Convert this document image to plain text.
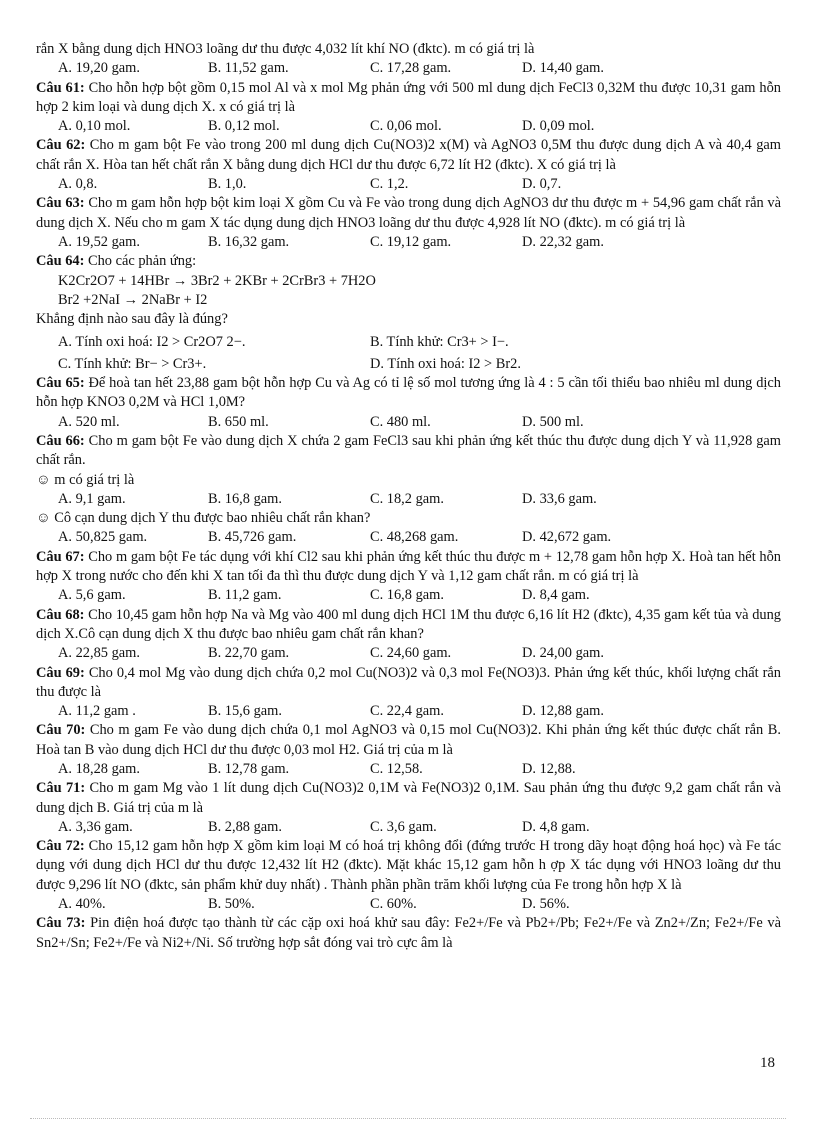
rắn X bằng dung dịch HNO3 loãng dư thu được 4,032 lít khí NO (đktc). m có giá trị là

A. 19,20 gam.	B. 11,52 gam.	C. 17,28 gam.	D. 14,40 gam.

Câu 61: Cho hỗn hợp bột gồm 0,15 mol Al và x mol Mg phản ứng với 500 ml dung dịch FeCl3 0,32M thu được 10,31 gam hỗn hợp 2 kim loại và dung dịch X. x có giá trị là

A. 0,10 mol.	B. 0,12 mol.	C. 0,06 mol.	D. 0,09 mol.

Câu 62: Cho m gam bột Fe vào trong 200 ml dung dịch Cu(NO3)2 x(M) và AgNO3 0,5M thu được dung dịch A và 40,4 gam chất rắn X. Hòa tan hết chất rắn X bằng dung dịch HCl dư thu được 6,72 lít H2 (đktc). X có giá trị là

A. 0,8.	B. 1,0.	C. 1,2.	D. 0,7.

Câu 63: Cho m gam hỗn hợp bột kim loại X gồm Cu và Fe vào trong dung dịch AgNO3 dư thu được m + 54,96 gam chất rắn và dung dịch X. Nếu cho m gam X tác dụng dung dịch HNO3 loãng dư thu được 4,928 lít NO (đktc). m có giá trị là

A. 19,52 gam.	B. 16,32 gam.	C. 19,12 gam.	D. 22,32 gam.

Câu 64: Cho các phản ứng:

K2Cr2O7 + 14HBr → 3Br2 + 2KBr + 2CrBr3 + 7H2O

Br2 +2NaI → 2NaBr + I2

Khẳng định nào sau đây là đúng?

A. Tính oxi hoá: I2 > Cr2O7 2−.	B. Tính khử: Cr3+ > I−.
C. Tính khử: Br− > Cr3+.	D. Tính oxi hoá: I2 > Br2.

Câu 65: Để hoà tan hết 23,88 gam bột hỗn hợp Cu và Ag có tỉ lệ số mol tương ứng là 4 : 5 cần tối thiểu bao nhiêu ml dung dịch hỗn hợp KNO3 0,2M và HCl 1,0M?

A. 520 ml.	B. 650 ml.	C. 480 ml.	D. 500 ml.

Câu 66: Cho m gam bột Fe vào dung dịch X chứa 2 gam FeCl3 sau khi phản ứng kết thúc thu được dung dịch Y và 11,928 gam chất rắn.

☺ m có giá trị là

A. 9,1 gam.	B. 16,8 gam.	C. 18,2 gam.	D. 33,6 gam.

☺ Cô cạn dung dịch Y thu được bao nhiêu chất rắn khan?

A. 50,825 gam.	B. 45,726 gam.	C. 48,268 gam.	D. 42,672 gam.

Câu 67: Cho m gam bột Fe tác dụng với khí Cl2 sau khi phản ứng kết thúc thu được m + 12,78 gam hỗn hợp X. Hoà tan hết hỗn hợp X trong nước cho đến khi X tan tối đa thì thu được dung dịch Y và 1,12 gam chất rắn. m có giá trị là

A. 5,6 gam.	B. 11,2 gam.	C. 16,8 gam.	D. 8,4 gam.

Câu 68: Cho 10,45 gam hỗn hợp Na và Mg vào 400 ml dung dịch HCl 1M thu được 6,16 lít H2 (đktc), 4,35 gam kết tủa và dung dịch X.Cô cạn dung dịch X thu được bao nhiêu gam chất rắn khan?

A. 22,85 gam.	B. 22,70 gam.	C. 24,60 gam.	D. 24,00 gam.

Câu 69: Cho 0,4 mol Mg vào dung dịch chứa 0,2 mol Cu(NO3)2 và 0,3 mol Fe(NO3)3. Phản ứng kết thúc, khối lượng chất rắn thu được là

A. 11,2 gam .	B. 15,6 gam.	C. 22,4 gam.	D. 12,88 gam.

Câu 70: Cho m gam Fe vào dung dịch chứa 0,1 mol AgNO3 và 0,15 mol Cu(NO3)2. Khi phản ứng kết thúc được chất rắn B. Hoà tan B vào dung dịch HCl dư thu được 0,03 mol H2. Giá trị của m là

A. 18,28 gam.	B. 12,78 gam.	C. 12,58.	D. 12,88.

Câu 71: Cho m gam Mg vào 1 lít dung dịch Cu(NO3)2 0,1M và Fe(NO3)2 0,1M. Sau phản ứng thu được 9,2 gam chất rắn và dung dịch B. Giá trị của m là

A. 3,36 gam.	B. 2,88 gam.	C. 3,6 gam.	D. 4,8 gam.

Câu 72: Cho 15,12 gam hỗn hợp X gồm kim loại M có hoá trị không đổi (đứng trước H trong dãy hoạt động hoá học) và Fe tác dụng với dung dịch HCl dư thu được 12,432 lít H2 (đktc). Mặt khác 15,12 gam hỗn h ợp X tác dụng với HNO3 loãng dư thu được 9,296 lít NO (đktc, sản phẩm khử duy nhất) . Thành phần phần trăm khối lượng của Fe trong hỗn hợp X là

A. 40%.	B. 50%.	C. 60%.	D. 56%.

Câu 73: Pin điện hoá được tạo thành từ các cặp oxi hoá khử sau đây: Fe2+/Fe và Pb2+/Pb; Fe2+/Fe và Zn2+/Zn; Fe2+/Fe và Sn2+/Sn; Fe2+/Fe và Ni2+/Ni. Số trường hợp sắt đóng vai trò cực âm là

18
